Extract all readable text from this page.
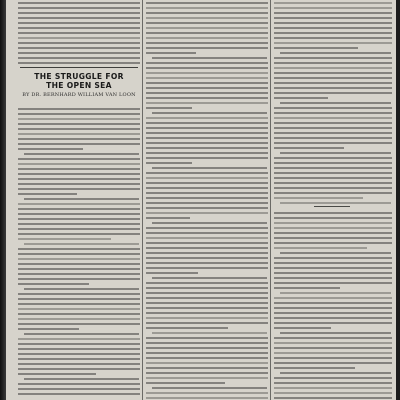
THE STRUGGLE FOR
THE OPEN SEA
BY DR. BERNHARD WILLIAM VAN LOON
